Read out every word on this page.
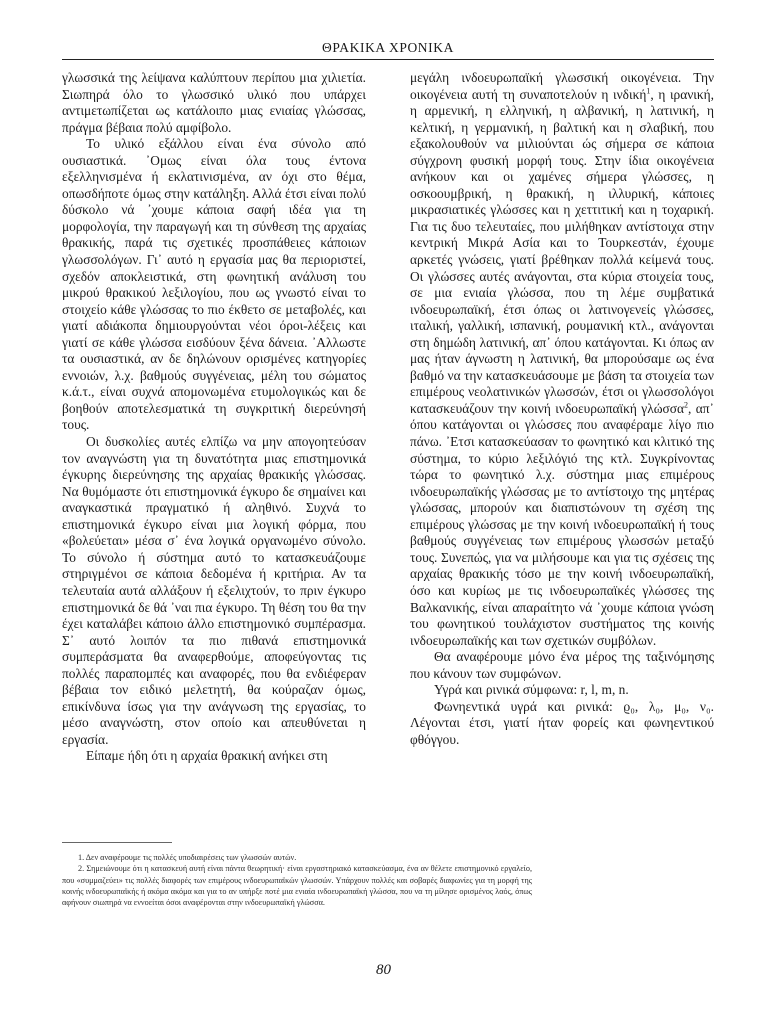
ΘΡΑΚΙΚΑ ΧΡΟΝΙΚΑ

γλωσσικά της λείψανα καλύπτουν περίπου μια χιλιετία. Σιωπηρά όλο το γλωσσικό υλικό που υπάρχει αντιμετωπίζεται ως κατάλοιπο μιας ενιαίας γλώσσας, πράγμα βέβαια πολύ αμφίβολο.

Το υλικό εξάλλου είναι ένα σύνολο από ουσιαστικά. ᾽Ομως είναι όλα τους έντονα εξελληνισμένα ή εκλατινισμένα, αν όχι στο θέμα, οπωσδήποτε όμως στην κατάληξη. Αλλά έτσι είναι πολύ δύσκολο νά ᾽χουμε κάποια σαφή ιδέα για τη μορφολογία, την παραγωγή και τη σύνθεση της αρχαίας θρακικής, παρά τις σχετικές προσπάθειες κάποιων γλωσσολόγων. Γι᾽ αυτό η εργασία μας θα περιοριστεί, σχεδόν αποκλειστικά, στη φωνητική ανάλυση του μικρού θρακικού λεξιλογίου, που ως γνωστό είναι το στοιχείο κάθε γλώσσας το πιο έκθετο σε μεταβολές, και γιατί αδιάκοπα δημιουργούνται νέοι όροι-λέξεις και γιατί σε κάθε γλώσσα εισδύουν ξένα δάνεια. ᾽Αλλωστε τα ουσιαστικά, αν δε δηλώνουν ορισμένες κατηγορίες εννοιών, λ.χ. βαθμούς συγγένειας, μέλη του σώματος κ.ά.τ., είναι συχνά απομονωμένα ετυμολογικώς και δε βοηθούν αποτελεσματικά τη συγκριτική διερεύνησή τους.

Οι δυσκολίες αυτές ελπίζω να μην απογοητεύσαν τον αναγνώστη για τη δυνατότητα μιας επιστημονικά έγκυρης διερεύνησης της αρχαίας θρακικής γλώσσας. Να θυμόμαστε ότι επιστημονικά έγκυρο δε σημαίνει και αναγκαστικά πραγματικό ή αληθινό. Συχνά το επιστημονικά έγκυρο είναι μια λογική φόρμα, που «βολεύεται» μέσα σ᾽ ένα λογικά οργανωμένο σύνολο. Το σύνολο ή σύστημα αυτό το κατασκευάζουμε στηριγμένοι σε κάποια δεδομένα ή κριτήρια. Αν τα τελευταία αυτά αλλάξουν ή εξελιχτούν, το πριν έγκυρο επιστημονικά δε θά ᾽ναι πια έγκυρο. Τη θέση του θα την έχει καταλάβει κάποιο άλλο επιστημονικό συμπέρασμα. Σ᾽ αυτό λοιπόν τα πιο πιθανά επιστημονικά συμπεράσματα θα αναφερθούμε, αποφεύγοντας τις πολλές παραπομπές και αναφορές, που θα ενδιέφεραν βέβαια τον ειδικό μελετητή, θα κούραζαν όμως, επικίνδυνα ίσως για την ανάγνωση της εργασίας, το μέσο αναγνώστη, στον οποίο και απευθύνεται η εργασία.

Είπαμε ήδη ότι η αρχαία θρακική ανήκει στη

μεγάλη ινδοευρωπαϊκή γλωσσική οικογένεια. Την οικογένεια αυτή τη συναποτελούν η ινδική$^1$, η ιρανική, η αρμενική, η ελληνική, η αλβανική, η λατινική, η κελτική, η γερμανική, η βαλτική και η σλαβική, που εξακολουθούν να μιλιούνται ώς σήμερα σε κάποια σύγχρονη φυσική μορφή τους. Στην ίδια οικογένεια ανήκουν και οι χαμένες σήμερα γλώσσες, η οσκοουμβρική, η θρακική, η ιλλυρική, κάποιες μικρασιατικές γλώσσες και η χεττιτική και η τοχαρική. Για τις δυο τελευταίες, που μιλήθηκαν αντίστοιχα στην κεντρική Μικρά Ασία και το Τουρκεστάν, έχουμε αρκετές γνώσεις, γιατί βρέθηκαν πολλά κείμενά τους. Οι γλώσσες αυτές ανάγονται, στα κύρια στοιχεία τους, σε μια ενιαία γλώσσα, που τη λέμε συμβατικά ινδοευρωπαϊκή, έτσι όπως οι λατινογενείς γλώσσες, ιταλική, γαλλική, ισπανική, ρουμανική κτλ., ανάγονται στη δημώδη λατινική, απ᾽ όπου κατάγονται. Κι όπως αν μας ήταν άγνωστη η λατινική, θα μπορούσαμε ως ένα βαθμό να την κατασκευάσουμε με βάση τα στοιχεία των επιμέρους νεολατινικών γλωσσών, έτσι οι γλωσσολόγοι κατασκευάζουν την κοινή ινδοευρωπαϊκή γλώσσα$^2$, απ᾽ όπου κατάγονται οι γλώσσες που αναφέραμε λίγο πιο πάνω. ᾽Ετσι κατασκεύασαν το φωνητικό και κλιτικό της σύστημα, το κύριο λεξιλόγιό της κτλ. Συγκρίνοντας τώρα το φωνητικό λ.χ. σύστημα μιας επιμέρους ινδοευρωπαϊκής γλώσσας με το αντίστοιχο της μητέρας γλώσσας, μπορούν και διαπιστώνουν τη σχέση της επιμέρους γλώσσας με την κοινή ινδοευρωπαϊκή ή τους βαθμούς συγγένειας των επιμέρους γλωσσών μεταξύ τους. Συνεπώς, για να μιλήσουμε και για τις σχέσεις της αρχαίας θρακικής τόσο με την κοινή ινδοευρωπαϊκή, όσο και κυρίως με τις ινδοευρωπαϊκές γλώσσες της Βαλκανικής, είναι απαραίτητο νά ᾽χουμε κάποια γνώση του φωνητικού τουλάχιστον συστήματος της κοινής ινδοευρωπαϊκής και των σχετικών συμβόλων.

Θα αναφέρουμε μόνο ένα μέρος της ταξινόμησης που κάνουν των συμφώνων.

Υγρά και ρινικά σύμφωνα: r, l, m, n.

Φωνηεντικά υγρά και ρινικά: ϱ₀, λ₀, μ₀, ν₀. Λέγονται έτσι, γιατί ήταν φορείς και φωνηεντικού φθόγγου.

1. Δεν αναφέρουμε τις πολλές υποδιαιρέσεις των γλωσσών αυτών.

2. Σημειώνουμε ότι η κατασκευή αυτή είναι πάντα θεωρητική· είναι εργαστηριακό κατασκεύασμα, ένα αν θέλετε επιστημονικό εργαλείο, που «συμμαζεύει» τις πολλές διαφορές των επιμέρους ινδοευρωπαϊκών γλωσσών. Υπάρχουν πολλές και σοβαρές διαφωνίες για τη μορφή της κοινής ινδοευρωπαϊκής ή ακόμα ακόμα και για το αν υπήρξε ποτέ μια ενιαία ινδοευρωπαϊκή γλώσσα, που να τη μίλησε ορισμένος λαός, όπως αφήνουν σιωπηρά να εννοείται όσοι αναφέρονται στην ινδοευρωπαϊκή γλώσσα.

80
